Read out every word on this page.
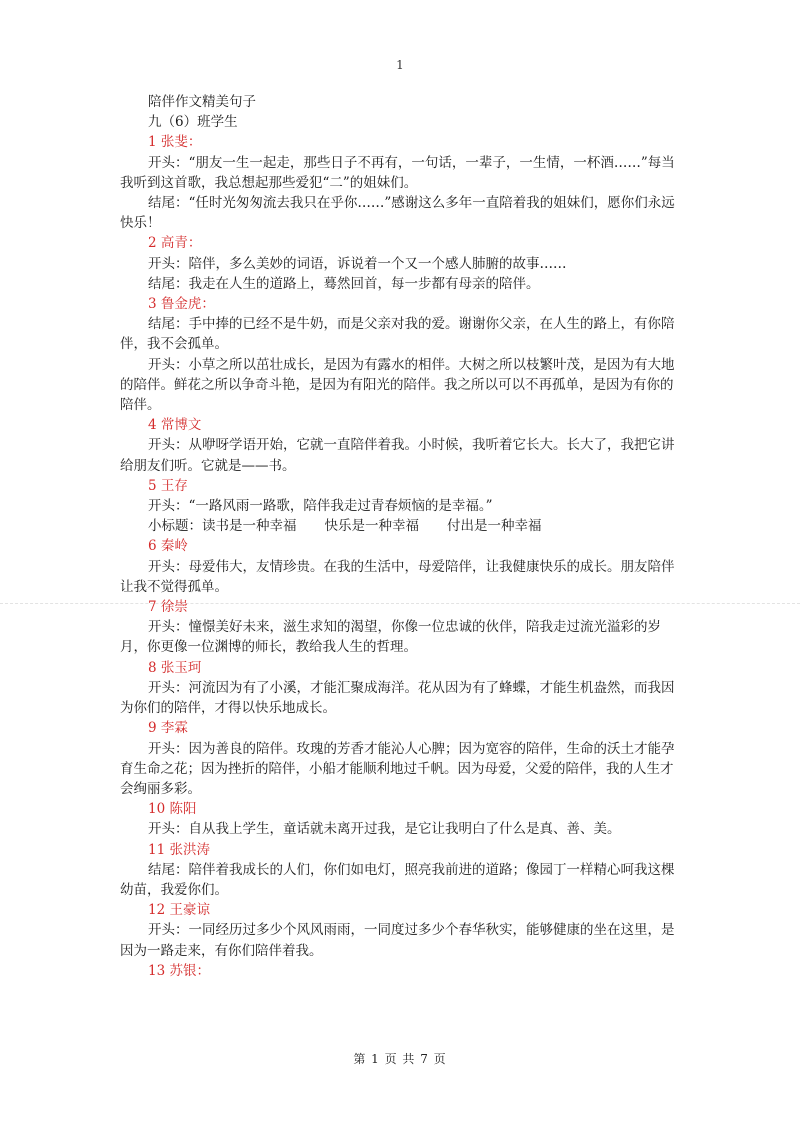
1
陪伴作文精美句子
九（6）班学生
1 张斐：
开头：“朋友一生一起走，那些日子不再有，一句话，一辈子，一生情，一杯酒……”每当我听到这首歌，我总想起那些爱犯“二”的姐妹们。
结尾：“任时光匆匆流去我只在乎你……”感谢这么多年一直陪着我的姐妹们，愿你们永远快乐！
2 高青：
开头：陪伴，多么美妙的词语，诉说着一个又一个感人肺腑的故事……
结尾：我走在人生的道路上，蓦然回首，每一步都有母亲的陪伴。
3 鲁金虎：
结尾：手中捧的已经不是牛奶，而是父亲对我的爱。谢谢你父亲，在人生的路上，有你陪伴，我不会孤单。
开头：小草之所以茁壮成长，是因为有露水的相伴。大树之所以枝繁叶茂，是因为有大地的陪伴。鲜花之所以争奇斗艳，是因为有阳光的陪伴。我之所以可以不再孤单，是因为有你的陪伴。
4 常博文
开头：从咿呀学语开始，它就一直陪伴着我。小时候，我听着它长大。长大了，我把它讲给朋友们听。它就是——书。
5 王存
开头：“一路风雨一路歌，陪伴我走过青春烦恼的是幸福。”
小标题：读书是一种幸福 快乐是一种幸福 付出是一种幸福
6 秦岭
开头：母爱伟大，友情珍贵。在我的生活中，母爱陪伴，让我健康快乐的成长。朋友陪伴让我不觉得孤单。
7 徐崇
开头：憧憬美好未来，滋生求知的渴望，你像一位忠诚的伙伴，陪我走过流光溢彩的岁月，你更像一位渊博的师长，教给我人生的哲理。
8 张玉珂
开头：河流因为有了小溪，才能汇聚成海洋。花从因为有了蜂蝶，才能生机盎然，而我因为你们的陪伴，才得以快乐地成长。
9 李霖
开头：因为善良的陪伴。玫瑰的芳香才能沁人心脾；因为宽容的陪伴，生命的沃土才能孕育生命之花；因为挫折的陪伴，小船才能顺利地过千帆。因为母爱，父爱的陪伴，我的人生才会绚丽多彩。
10 陈阳
开头：自从我上学生，童话就未离开过我，是它让我明白了什么是真、善、美。
11 张洪涛
结尾：陪伴着我成长的人们，你们如电灯，照亮我前进的道路；像园丁一样精心呵我这棵幼苗，我爱你们。
12 王豪谅
开头：一同经历过多少个风风雨雨，一同度过多少个春华秋实，能够健康的坐在这里，是因为一路走来，有你们陪伴着我。
13 苏银：
第 1 页 共 7 页
